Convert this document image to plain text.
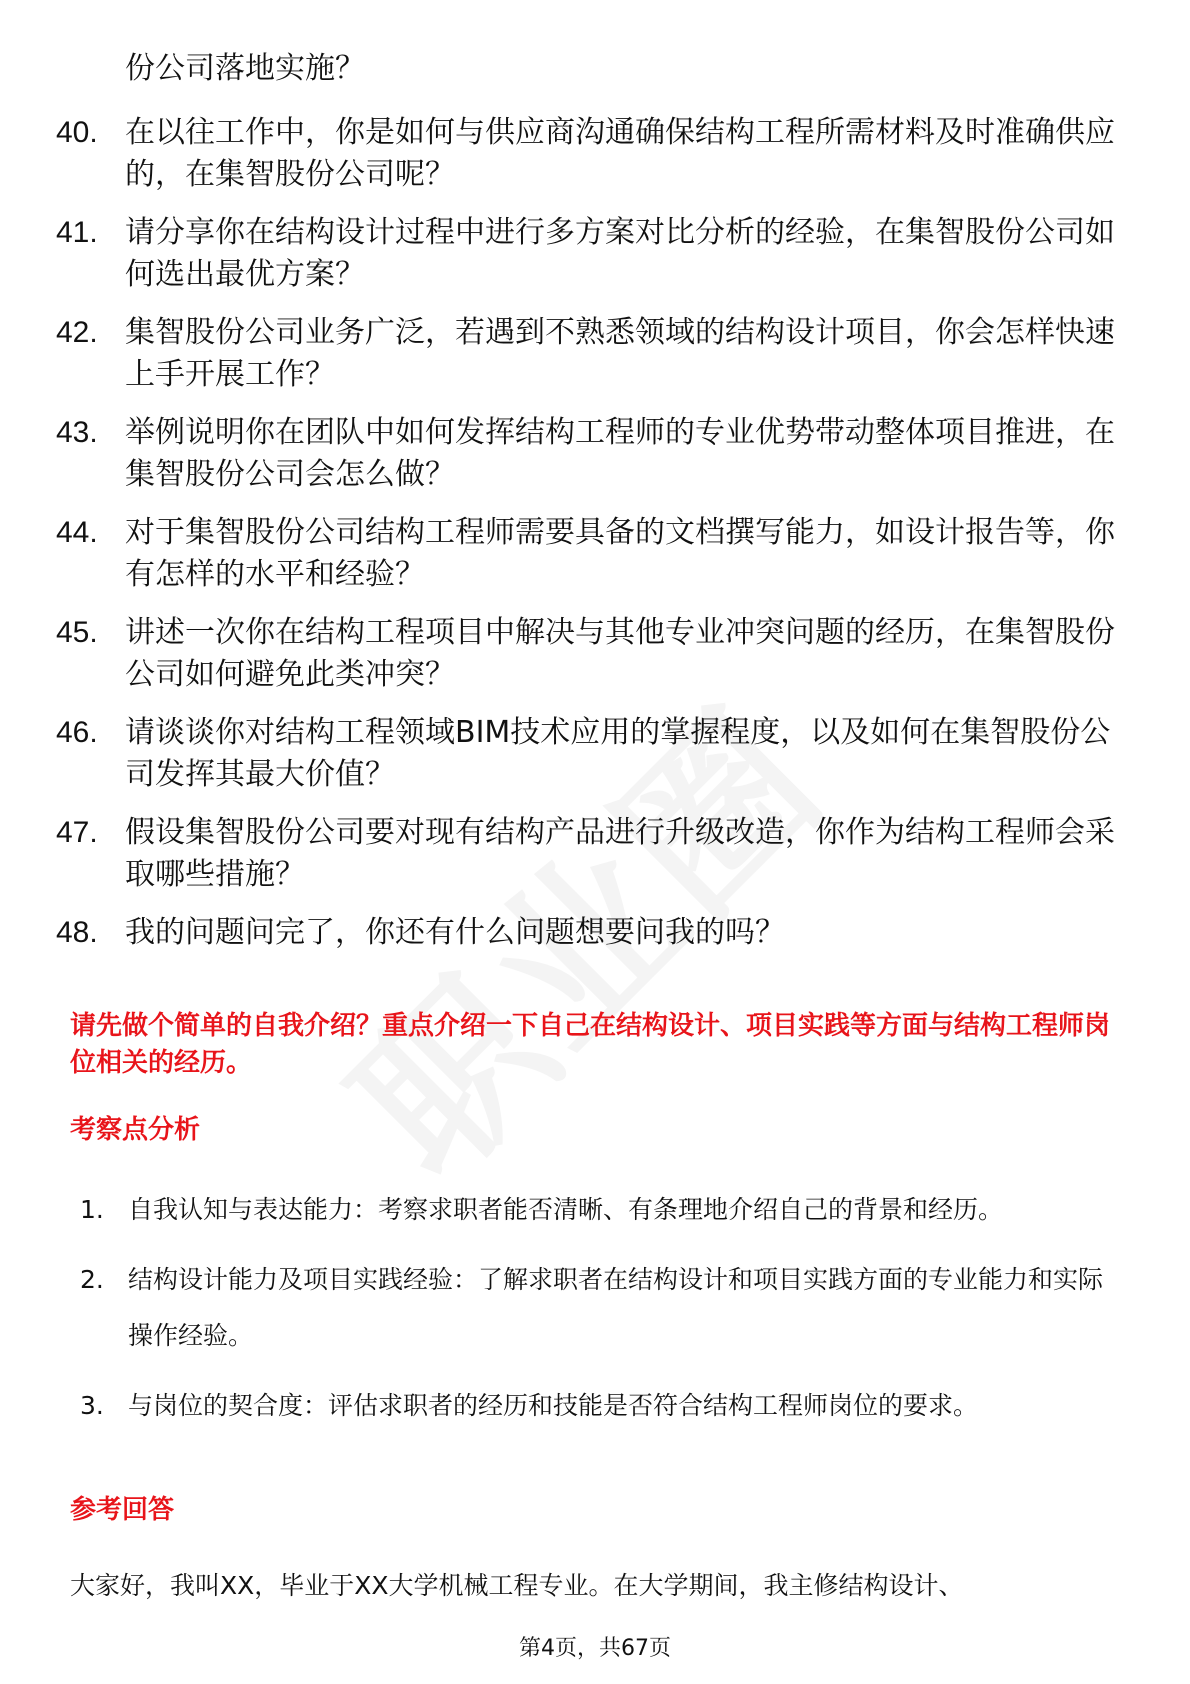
份公司落地实施？
40. 在以往工作中，你是如何与供应商沟通确保结构工程所需材料及时准确供应的，在集智股份公司呢？
41. 请分享你在结构设计过程中进行多方案对比分析的经验，在集智股份公司如何选出最优方案？
42. 集智股份公司业务广泛，若遇到不熟悉领域的结构设计项目，你会怎样快速上手开展工作？
43. 举例说明你在团队中如何发挥结构工程师的专业优势带动整体项目推进，在集智股份公司会怎么做？
44. 对于集智股份公司结构工程师需要具备的文档撰写能力，如设计报告等，你有怎样的水平和经验？
45. 讲述一次你在结构工程项目中解决与其他专业冲突问题的经历，在集智股份公司如何避免此类冲突？
46. 请谈谈你对结构工程领域BIM技术应用的掌握程度，以及如何在集智股份公司发挥其最大价值？
47. 假设集智股份公司要对现有结构产品进行升级改造，你作为结构工程师会采取哪些措施？
48. 我的问题问完了，你还有什么问题想要问我的吗？
请先做个简单的自我介绍？重点介绍一下自己在结构设计、项目实践等方面与结构工程师岗位相关的经历。
考察点分析
1. 自我认知与表达能力：考察求职者能否清晰、有条理地介绍自己的背景和经历。
2. 结构设计能力及项目实践经验：了解求职者在结构设计和项目实践方面的专业能力和实际操作经验。
3. 与岗位的契合度：评估求职者的经历和技能是否符合结构工程师岗位的要求。
参考回答
大家好，我叫XX，毕业于XX大学机械工程专业。在大学期间，我主修结构设计、
第4页，共67页
